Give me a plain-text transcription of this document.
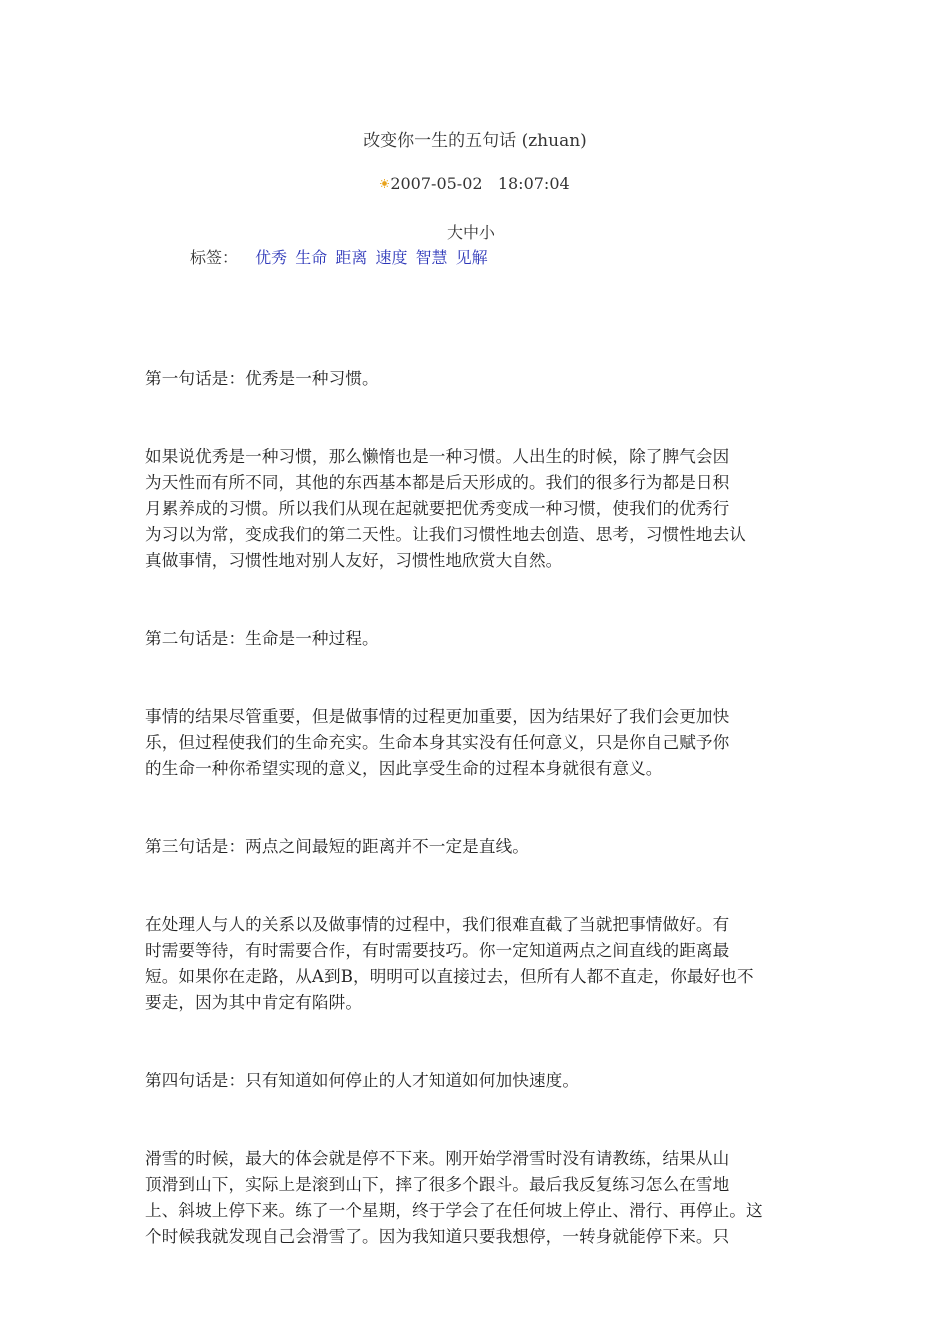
改变你一生的五句话 (zhuan)
2007-05-02   18:07:04
大中小
标签： 优秀 生命 距离 速度 智慧 见解

第一句话是：优秀是一种习惯。

如果说优秀是一种习惯，那么懒惰也是一种习惯。人出生的时候，除了脾气会因

为天性而有所不同，其他的东西基本都是后天形成的。我们的很多行为都是日积

月累养成的习惯。所以我们从现在起就要把优秀变成一种习惯，使我们的优秀行

为习以为常，变成我们的第二天性。让我们习惯性地去创造、思考，习惯性地去认

真做事情，习惯性地对别人友好，习惯性地欣赏大自然。

第二句话是：生命是一种过程。

事情的结果尽管重要，但是做事情的过程更加重要，因为结果好了我们会更加快

乐，但过程使我们的生命充实。生命本身其实没有任何意义，只是你自己赋予你

的生命一种你希望实现的意义，因此享受生命的过程本身就很有意义。

第三句话是：两点之间最短的距离并不一定是直线。

在处理人与人的关系以及做事情的过程中，我们很难直截了当就把事情做好。有

时需要等待，有时需要合作，有时需要技巧。你一定知道两点之间直线的距离最

短。如果你在走路，从A到B，明明可以直接过去，但所有人都不直走，你最好也不

要走，因为其中肯定有陷阱。

第四句话是：只有知道如何停止的人才知道如何加快速度。

滑雪的时候，最大的体会就是停不下来。刚开始学滑雪时没有请教练，结果从山

顶滑到山下，实际上是滚到山下，摔了很多个跟斗。最后我反复练习怎么在雪地

上、斜坡上停下来。练了一个星期，终于学会了在任何坡上停止、滑行、再停止。这

个时候我就发现自己会滑雪了。因为我知道只要我想停，一转身就能停下来。只
